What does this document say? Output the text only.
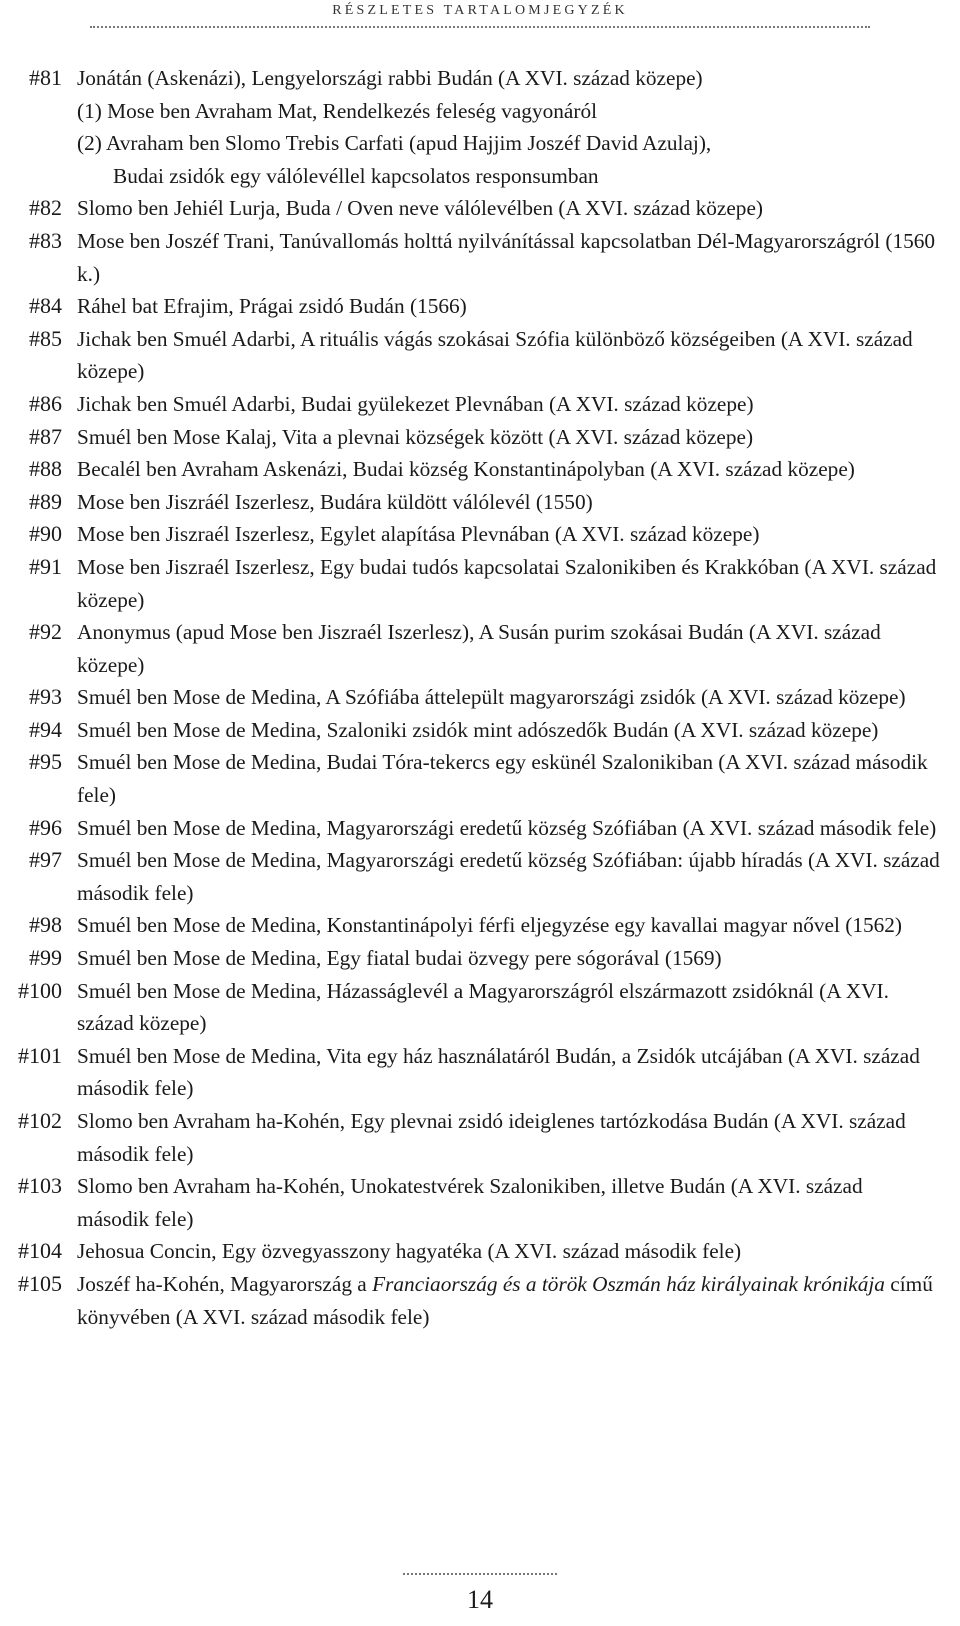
RÉSZLETES TARTALOMJEGYZÉK
#81 Jonátán (Askenázi), Lengyelországi rabbi Budán (A XVI. század közepe)
(1) Mose ben Avraham Mat, Rendelkezés feleség vagyonáról
(2) Avraham ben Slomo Trebis Carfati (apud Hajjim Joszéf David Azulaj),
Budai zsidók egy válólevéllel kapcsolatos responsumban
#82 Slomo ben Jehiél Lurja, Buda / Oven neve válólevélben (A XVI. század közepe)
#83 Mose ben Joszéf Trani, Tanúvallomás holttá nyilvánítással kapcsolatban Dél-Magyarországról (1560 k.)
#84 Ráhel bat Efrajim, Prágai zsidó Budán (1566)
#85 Jichak ben Smuél Adarbi, A rituális vágás szokásai Szófia különböző községeiben (A XVI. század közepe)
#86 Jichak ben Smuél Adarbi, Budai gyülekezet Plevnában (A XVI. század közepe)
#87 Smuél ben Mose Kalaj, Vita a plevnai községek között (A XVI. század közepe)
#88 Becalél ben Avraham Askenázi, Budai község Konstantinápolyban (A XVI. század közepe)
#89 Mose ben Jiszráél Iszerlesz, Budára küldött válólevél (1550)
#90 Mose ben Jiszraél Iszerlesz, Egylet alapítása Plevnában (A XVI. század közepe)
#91 Mose ben Jiszraél Iszerlesz, Egy budai tudós kapcsolatai Szalonikiben és Krakkóban (A XVI. század közepe)
#92 Anonymus (apud Mose ben Jiszraél Iszerlesz), A Susán purim szokásai Budán (A XVI. század közepe)
#93 Smuél ben Mose de Medina, A Szófiába áttelepült magyarországi zsidók (A XVI. század közepe)
#94 Smuél ben Mose de Medina, Szaloniki zsidók mint adószedők Budán (A XVI. század közepe)
#95 Smuél ben Mose de Medina, Budai Tóra-tekercs egy eskünél Szalonikiban (A XVI. század második fele)
#96 Smuél ben Mose de Medina, Magyarországi eredetű község Szófiában (A XVI. század második fele)
#97 Smuél ben Mose de Medina, Magyarországi eredetű község Szófiában: újabb híradás (A XVI. század második fele)
#98 Smuél ben Mose de Medina, Konstantinápolyi férfi eljegyzése egy kavallai magyar nővel (1562)
#99 Smuél ben Mose de Medina, Egy fiatal budai özvegy pere sógorával (1569)
#100 Smuél ben Mose de Medina, Házasságlevél a Magyarországról elszármazott zsidóknál (A XVI. század közepe)
#101 Smuél ben Mose de Medina, Vita egy ház használatáról Budán, a Zsidók utcájában (A XVI. század második fele)
#102 Slomo ben Avraham ha-Kohén, Egy plevnai zsidó ideiglenes tartózkodása Budán (A XVI. század második fele)
#103 Slomo ben Avraham ha-Kohén, Unokatestvérek Szalonikiben, illetve Budán (A XVI. század második fele)
#104 Jehosua Concin, Egy özvegyasszony hagyatéka (A XVI. század második fele)
#105 Joszéf ha-Kohén, Magyarország a Franciaország és a török Oszmán ház királyainak krónikája című könyvében (A XVI. század második fele)
14
